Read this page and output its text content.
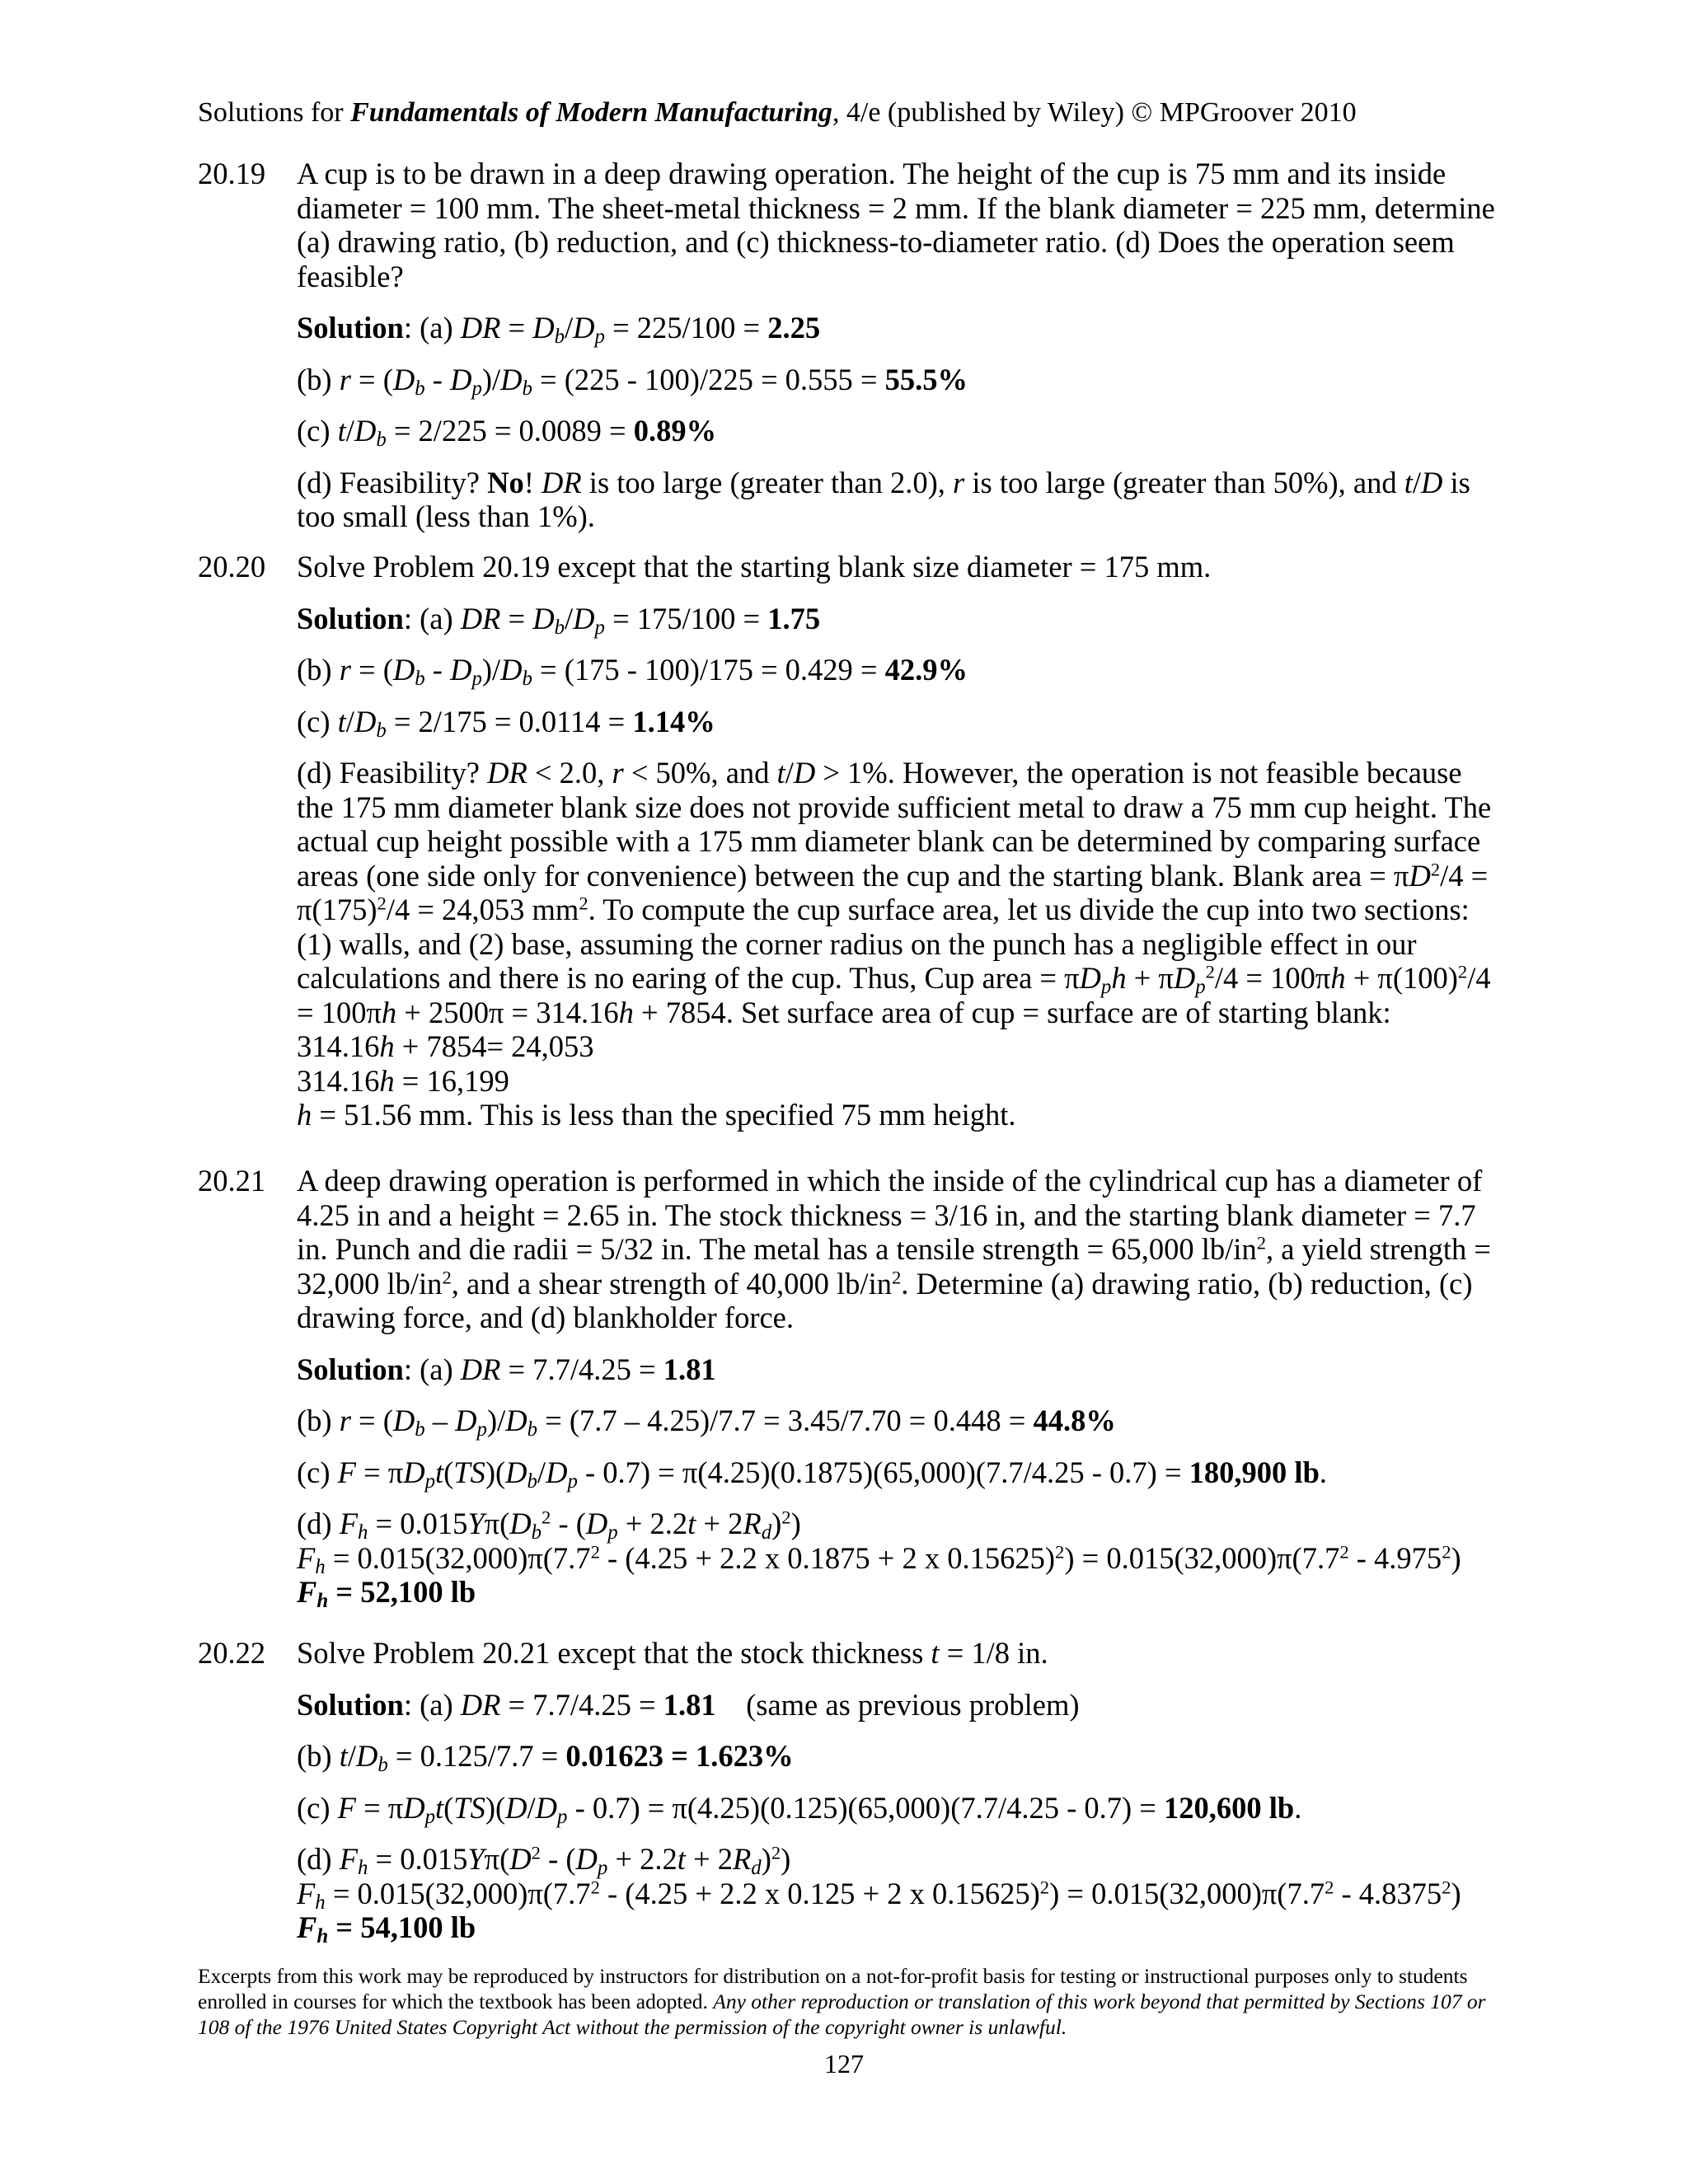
Solutions for Fundamentals of Modern Manufacturing, 4/e (published by Wiley) © MPGroover 2010
20.19 A cup is to be drawn in a deep drawing operation. The height of the cup is 75 mm and its inside diameter = 100 mm. The sheet-metal thickness = 2 mm. If the blank diameter = 225 mm, determine (a) drawing ratio, (b) reduction, and (c) thickness-to-diameter ratio. (d) Does the operation seem feasible?

Solution: (a) DR = $D_b/D_p = 225/100 = 2.25$

(b) $r = (D_b - D_p)/D_b = (225 - 100)/225 = 0.555 = 55.5\%$

(c) $t/D_b = 2/225 = 0.0089 = 0.89\%$

(d) Feasibility? No! DR is too large (greater than 2.0), r is too large (greater than 50%), and t/D is too small (less than 1%).

20.20 Solve Problem 20.19 except that the starting blank size diameter = 175 mm.

Solution: (a) DR = $D_b/D_p = 175/100 = 1.75$

(b) $r = (D_b - D_p)/D_b = (175 - 100)/175 = 0.429 = 42.9\%$

(c) $t/D_b = 2/175 = 0.0114 = 1.14\%$

(d) Feasibility? DR < 2.0, r < 50%, and t/D > 1%. However, the operation is not feasible because the 175 mm diameter blank size does not provide sufficient metal to draw a 75 mm cup height. The actual cup height possible with a 175 mm diameter blank can be determined by comparing surface areas (one side only for convenience) between the cup and the starting blank. Blank area = $\pi D^2/4 = \pi(175)^2/4 = 24,053$ $mm^2$. To compute the cup surface area, let us divide the cup into two sections: (1) walls, and (2) base, assuming the corner radius on the punch has a negligible effect in our calculations and there is no earing of the cup. Thus, Cup area = $\pi D_ph + \pi D_p^2/4 = 100\pi h + \pi(100)^2/4 = 100\pi h + 2500\pi = 314.16h + 7854$. Set surface area of cup = surface are of starting blank:

314.16h + 7854= 24,053

314.16h = 16,199

h = 51.56 mm. This is less than the specified 75 mm height.

20.21 A deep drawing operation is performed in which the inside of the cylindrical cup has a diameter of 4.25 in and a height = 2.65 in. The stock thickness = 3/16 in, and the starting blank diameter = 7.7 in. Punch and die radii = 5/32 in. The metal has a tensile strength = 65,000 $lb/in^2$, a yield strength = 32,000 $lb/in^2$, and a shear strength of 40,000 $lb/in^2$. Determine (a) drawing ratio, (b) reduction, (c) drawing force, and (d) blankholder force.

Solution: (a) DR = 7.7/4.25 = 1.81

(b) $r = (D_b - D_p)/D_b = (7.7 - 4.25)/7.7 = 3.45/7.70 = 0.448 = 44.8\%$

(c) $F = \pi D_pt(TS)(D_b/D_p - 0.7) = \pi(4.25)(0.1875)(65,000)(7.7/4.25 - 0.7) = 180,900$ lb.

(d) $F_h = 0.015Y\pi(D_b^2 - (D_p + 2.2t + 2R_d)^2)$

$F_h = 0.015(32,000)\pi(7.7^2 - (4.25 + 2.2$ x 0.1875 + 2 x $0.15625)^2) = 0.015(32,000)\pi(7.7^2 - 4.975^2)$

$F_h = 52,100$ lb

20.22 Solve Problem 20.21 except that the stock thickness t = 1/8 in.

Solution: (a) DR = 7.7/4.25 = 1.81 (same as previous problem)

(b) $t/D_b = 0.125/7.7 = 0.01623 = 1.623\%$

(c) $F = \pi D_pt(TS)(D/D_p - 0.7) = \pi(4.25)(0.125)(65,000)(7.7/4.25 - 0.7) = 120,600$ lb.

(d) $F_h = 0.015Y\pi(D^2 - (D_p + 2.2t + 2R_d)^2)$

$F_h = 0.015(32,000)\pi(7.7^2 - (4.25 + 2.2$ x 0.125 + 2 x $0.15625)^2) = 0.015(32,000)\pi(7.7^2 - 4.8375^2)$

$F_h = 54,100$ lb

Excerpts from this work may be reproduced by instructors for distribution on a not-for-profit basis for testing or instructional purposes only to students enrolled in courses for which the textbook has been adopted. Any other reproduction or translation of this work beyond that permitted by Sections 107 or 108 of the 1976 United States Copyright Act without the permission of the copyright owner is unlawful.
127
